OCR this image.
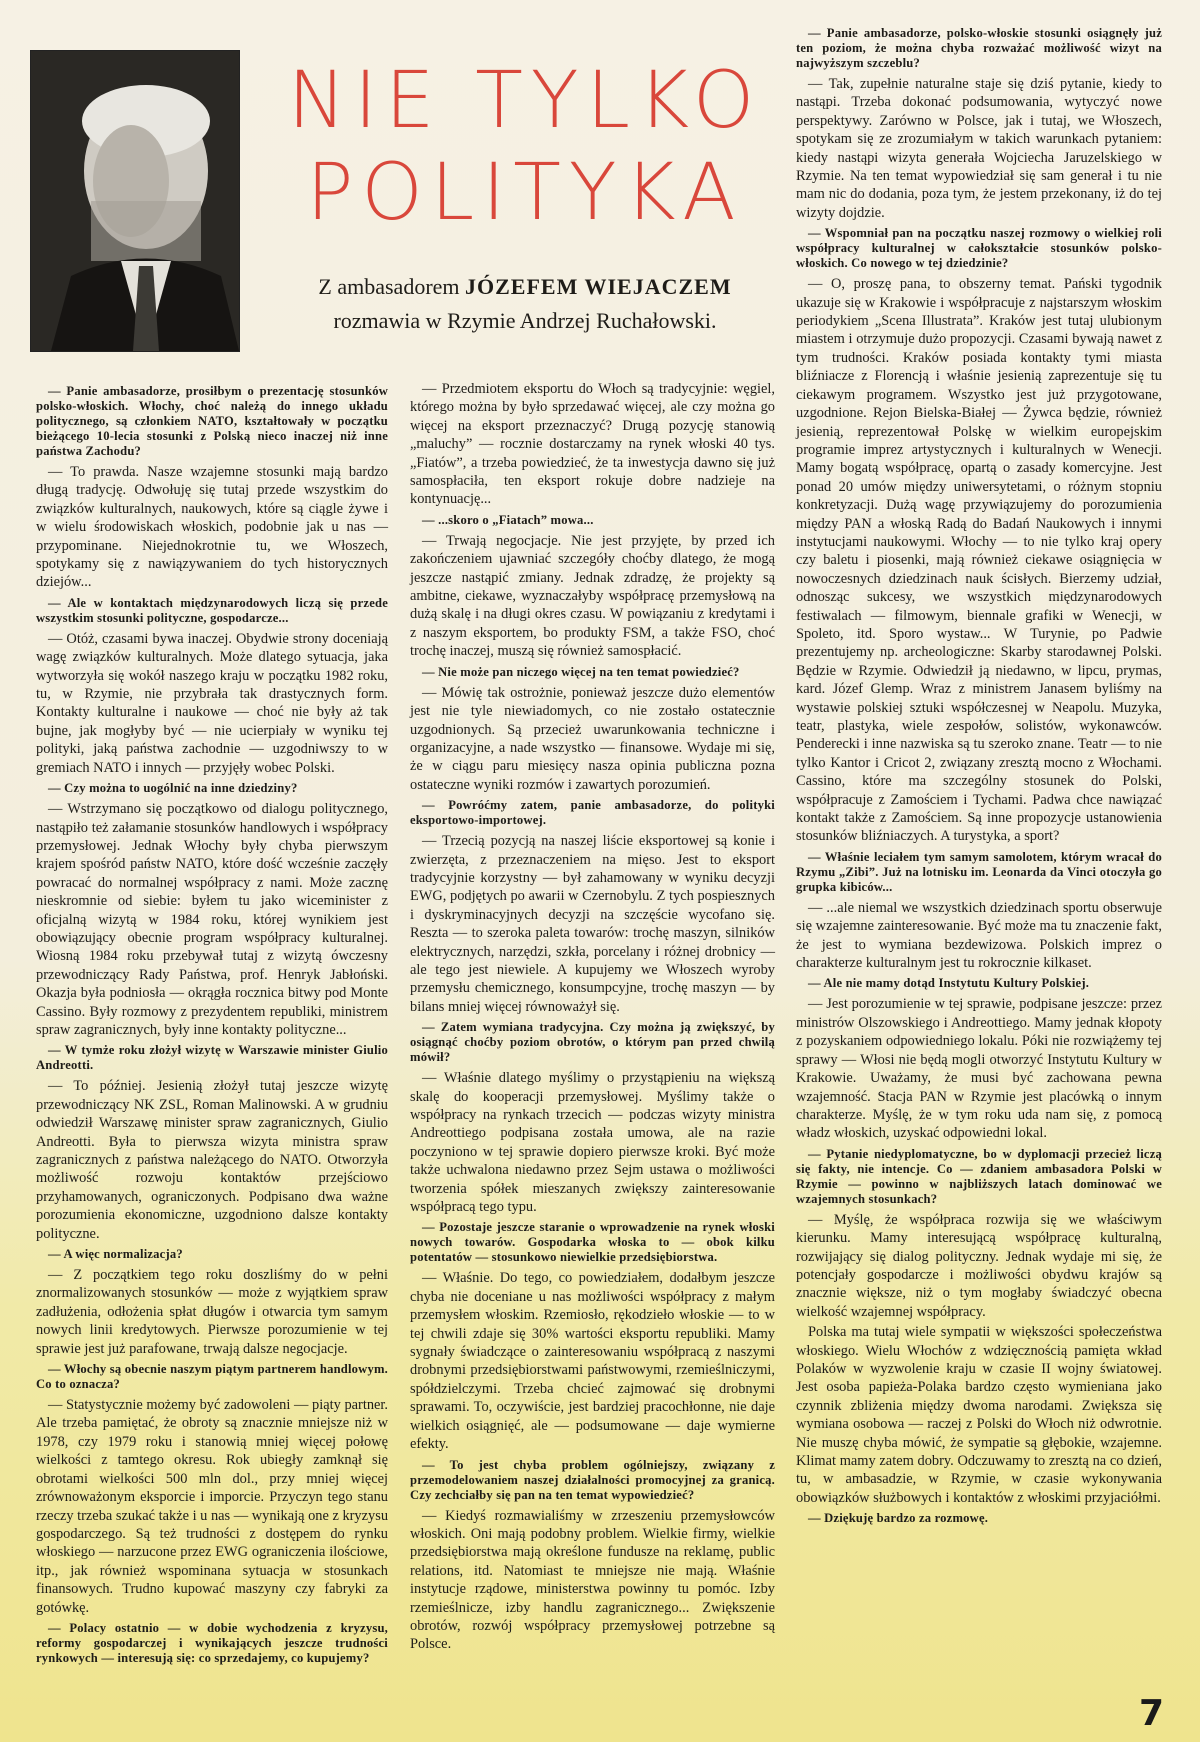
NIE TYLKO
POLITYKA
Z ambasadorem JÓZEFEM WIEJACZEM
rozmawia w Rzymie Andrzej Ruchałowski.

— Panie ambasadorze, prosiłbym o prezentację stosunków polsko-włoskich. Włochy, choć należą do innego układu politycznego, są członkiem NATO, kształtowały w początku bieżącego 10-lecia stosunki z Polską nieco inaczej niż inne państwa Zachodu?

— To prawda. Nasze wzajemne stosunki mają bardzo długą tradycję. Odwołuję się tutaj przede wszystkim do związków kulturalnych, naukowych, które są ciągle żywe i w wielu środowiskach włoskich, podobnie jak u nas — przypominane. Niejednokrotnie tu, we Włoszech, spotykamy się z nawiązywaniem do tych historycznych dziejów...

— Ale w kontaktach międzynarodowych liczą się przede wszystkim stosunki polityczne, gospodarcze...

— Otóż, czasami bywa inaczej. Obydwie strony doceniają wagę związków kulturalnych. Może dlatego sytuacja, jaka wytworzyła się wokół naszego kraju w początku 1982 roku, tu, w Rzymie, nie przybrała tak drastycznych form. Kontakty kulturalne i naukowe — choć nie były aż tak bujne, jak mogłyby być — nie ucierpiały w wyniku tej polityki, jaką państwa zachodnie — uzgodniwszy to w gremiach NATO i innych — przyjęły wobec Polski.

— Czy można to uogólnić na inne dziedziny?

— Wstrzymano się początkowo od dialogu politycznego, nastąpiło też załamanie stosunków handlowych i współpracy przemysłowej. Jednak Włochy były chyba pierwszym krajem spośród państw NATO, które dość wcześnie zaczęły powracać do normalnej współpracy z nami. Może zacznę nieskromnie od siebie: byłem tu jako wiceminister z oficjalną wizytą w 1984 roku, której wynikiem jest obowiązujący obecnie program współpracy kulturalnej. Wiosną 1984 roku przebywał tutaj z wizytą ówczesny przewodniczący Rady Państwa, prof. Henryk Jabłoński. Okazja była podniosła — okrągła rocznica bitwy pod Monte Cassino. Były rozmowy z prezydentem republiki, ministrem spraw zagranicznych, były inne kontakty polityczne...

— W tymże roku złożył wizytę w Warszawie minister Giulio Andreotti.

— To później. Jesienią złożył tutaj jeszcze wizytę przewodniczący NK ZSL, Roman Malinowski. A w grudniu odwiedził Warszawę minister spraw zagranicznych, Giulio Andreotti. Była to pierwsza wizyta ministra spraw zagranicznych z państwa należącego do NATO. Otworzyła możliwość rozwoju kontaktów przejściowo przyhamowanych, ograniczonych. Podpisano dwa ważne porozumienia ekonomiczne, uzgodniono dalsze kontakty polityczne.

— A więc normalizacja?

— Z początkiem tego roku doszliśmy do w pełni znormalizowanych stosunków — może z wyjątkiem spraw zadłużenia, odłożenia spłat długów i otwarcia tym samym nowych linii kredytowych. Pierwsze porozumienie w tej sprawie jest już parafowane, trwają dalsze negocjacje.

— Włochy są obecnie naszym piątym partnerem handlowym. Co to oznacza?

— Statystycznie możemy być zadowoleni — piąty partner. Ale trzeba pamiętać, że obroty są znacznie mniejsze niż w 1978, czy 1979 roku i stanowią mniej więcej połowę wielkości z tamtego okresu. Rok ubiegły zamknął się obrotami wielkości 500 mln dol., przy mniej więcej zrównoważonym eksporcie i imporcie. Przyczyn tego stanu rzeczy trzeba szukać także i u nas — wynikają one z kryzysu gospodarczego. Są też trudności z dostępem do rynku włoskiego — narzucone przez EWG ograniczenia ilościowe, itp., jak również wspominana sytuacja w stosunkach finansowych. Trudno kupować maszyny czy fabryki za gotówkę.

— Polacy ostatnio — w dobie wychodzenia z kryzysu, reformy gospodarczej i wynikających jeszcze trudności rynkowych — interesują się: co sprzedajemy, co kupujemy?

— Przedmiotem eksportu do Włoch są tradycyjnie: węgiel, którego można by było sprzedawać więcej, ale czy można go więcej na eksport przeznaczyć? Drugą pozycję stanowią „maluchy” — rocznie dostarczamy na rynek włoski 40 tys. „Fiatów”, a trzeba powiedzieć, że ta inwestycja dawno się już samospłaciła, ten eksport rokuje dobre nadzieje na kontynuację...

— ...skoro o „Fiatach” mowa...

— Trwają negocjacje. Nie jest przyjęte, by przed ich zakończeniem ujawniać szczegóły choćby dlatego, że mogą jeszcze nastąpić zmiany. Jednak zdradzę, że projekty są ambitne, ciekawe, wyznaczałyby współpracę przemysłową na dużą skalę i na długi okres czasu. W powiązaniu z kredytami i z naszym eksportem, bo produkty FSM, a także FSO, choć trochę inaczej, muszą się również samospłacić.

— Nie może pan niczego więcej na ten temat powiedzieć?

— Mówię tak ostrożnie, ponieważ jeszcze dużo elementów jest nie tyle niewiadomych, co nie zostało ostatecznie uzgodnionych. Są przecież uwarunkowania techniczne i organizacyjne, a nade wszystko — finansowe. Wydaje mi się, że w ciągu paru miesięcy nasza opinia publiczna pozna ostateczne wyniki rozmów i zawartych porozumień.

— Powróćmy zatem, panie ambasadorze, do polityki eksportowo-importowej.

— Trzecią pozycją na naszej liście eksportowej są konie i zwierzęta, z przeznaczeniem na mięso. Jest to eksport tradycyjnie korzystny — był zahamowany w wyniku decyzji EWG, podjętych po awarii w Czernobylu. Z tych pospiesznych i dyskryminacyjnych decyzji na szczęście wycofano się. Reszta — to szeroka paleta towarów: trochę maszyn, silników elektrycznych, narzędzi, szkła, porcelany i różnej drobnicy — ale tego jest niewiele. A kupujemy we Włoszech wyroby przemysłu chemicznego, konsumpcyjne, trochę maszyn — by bilans mniej więcej równoważył się.

— Zatem wymiana tradycyjna. Czy można ją zwiększyć, by osiągnąć choćby poziom obrotów, o którym pan przed chwilą mówił?

— Właśnie dlatego myślimy o przystąpieniu na większą skalę do kooperacji przemysłowej. Myślimy także o współpracy na rynkach trzecich — podczas wizyty ministra Andreottiego podpisana została umowa, ale na razie poczyniono w tej sprawie dopiero pierwsze kroki. Być może także uchwalona niedawno przez Sejm ustawa o możliwości tworzenia spółek mieszanych zwiększy zainteresowanie współpracą tego typu.

— Pozostaje jeszcze staranie o wprowadzenie na rynek włoski nowych towarów. Gospodarka włoska to — obok kilku potentatów — stosunkowo niewielkie przedsiębiorstwa.

— Właśnie. Do tego, co powiedziałem, dodałbym jeszcze chyba nie doceniane u nas możliwości współpracy z małym przemysłem włoskim. Rzemiosło, rękodzieło włoskie — to w tej chwili zdaje się 30% wartości eksportu republiki. Mamy sygnały świadczące o zainteresowaniu współpracą z naszymi drobnymi przedsiębiorstwami państwowymi, rzemieślniczymi, spółdzielczymi. Trzeba chcieć zajmować się drobnymi sprawami. To, oczywiście, jest bardziej pracochłonne, nie daje wielkich osiągnięć, ale — podsumowane — daje wymierne efekty.

— To jest chyba problem ogólniejszy, związany z przemodelowaniem naszej działalności promocyjnej za granicą. Czy zechciałby się pan na ten temat wypowiedzieć?

— Kiedyś rozmawialiśmy w zrzeszeniu przemysłowców włoskich. Oni mają podobny problem. Wielkie firmy, wielkie przedsiębiorstwa mają określone fundusze na reklamę, public relations, itd. Natomiast te mniejsze nie mają. Właśnie instytucje rządowe, ministerstwa powinny tu pomóc. Izby rzemieślnicze, izby handlu zagranicznego... Zwiększenie obrotów, rozwój współpracy przemysłowej potrzebne są Polsce.

— Panie ambasadorze, polsko-włoskie stosunki osiągnęły już ten poziom, że można chyba rozważać możliwość wizyt na najwyższym szczeblu?

— Tak, zupełnie naturalne staje się dziś pytanie, kiedy to nastąpi. Trzeba dokonać podsumowania, wytyczyć nowe perspektywy. Zarówno w Polsce, jak i tutaj, we Włoszech, spotykam się ze zrozumiałym w takich warunkach pytaniem: kiedy nastąpi wizyta generała Wojciecha Jaruzelskiego w Rzymie. Na ten temat wypowiedział się sam generał i tu nie mam nic do dodania, poza tym, że jestem przekonany, iż do tej wizyty dojdzie.

— Wspomniał pan na początku naszej rozmowy o wielkiej roli współpracy kulturalnej w całokształcie stosunków polsko-włoskich. Co nowego w tej dziedzinie?

— O, proszę pana, to obszerny temat. Pański tygodnik ukazuje się w Krakowie i współpracuje z najstarszym włoskim periodykiem „Scena Illustrata”. Kraków jest tutaj ulubionym miastem i otrzymuje dużo propozycji. Czasami bywają nawet z tym trudności. Kraków posiada kontakty tymi miasta bliźniacze z Florencją i właśnie jesienią zaprezentuje się tu ciekawym programem. Wszystko jest już przygotowane, uzgodnione. Rejon Bielska-Białej — Żywca będzie, również jesienią, reprezentował Polskę w wielkim europejskim programie imprez artystycznych i kulturalnych w Wenecji. Mamy bogatą współpracę, opartą o zasady komercyjne. Jest ponad 20 umów między uniwersytetami, o różnym stopniu konkretyzacji. Dużą wagę przywiązujemy do porozumienia między PAN a włoską Radą do Badań Naukowych i innymi instytucjami naukowymi. Włochy — to nie tylko kraj opery czy baletu i piosenki, mają również ciekawe osiągnięcia w nowoczesnych dziedzinach nauk ścisłych. Bierzemy udział, odnosząc sukcesy, we wszystkich międzynarodowych festiwalach — filmowym, biennale grafiki w Wenecji, w Spoleto, itd. Sporo wystaw... W Turynie, po Padwie prezentujemy np. archeologiczne: Skarby starodawnej Polski. Będzie w Rzymie. Odwiedził ją niedawno, w lipcu, prymas, kard. Józef Glemp. Wraz z ministrem Janasem byliśmy na wystawie polskiej sztuki współczesnej w Neapolu. Muzyka, teatr, plastyka, wiele zespołów, solistów, wykonawców. Penderecki i inne nazwiska są tu szeroko znane. Teatr — to nie tylko Kantor i Cricot 2, związany zresztą mocno z Włochami. Cassino, które ma szczególny stosunek do Polski, współpracuje z Zamościem i Tychami. Padwa chce nawiązać kontakt także z Zamościem. Są inne propozycje ustanowienia stosunków bliźniaczych. A turystyka, a sport?

— Właśnie leciałem tym samym samolotem, którym wracał do Rzymu „Zibi”. Już na lotnisku im. Leonarda da Vinci otoczyła go grupka kibiców...

— ...ale niemal we wszystkich dziedzinach sportu obserwuje się wzajemne zainteresowanie. Być może ma tu znaczenie fakt, że jest to wymiana bezdewizowa. Polskich imprez o charakterze kulturalnym jest tu rokrocznie kilkaset.

— Ale nie mamy dotąd Instytutu Kultury Polskiej.

— Jest porozumienie w tej sprawie, podpisane jeszcze: przez ministrów Olszowskiego i Andreottiego. Mamy jednak kłopoty z pozyskaniem odpowiedniego lokalu. Póki nie rozwiążemy tej sprawy — Włosi nie będą mogli otworzyć Instytutu Kultury w Krakowie. Uważamy, że musi być zachowana pewna wzajemność. Stacja PAN w Rzymie jest placówką o innym charakterze. Myślę, że w tym roku uda nam się, z pomocą władz włoskich, uzyskać odpowiedni lokal.

— Pytanie niedyplomatyczne, bo w dyplomacji przecież liczą się fakty, nie intencje. Co — zdaniem ambasadora Polski w Rzymie — powinno w najbliższych latach dominować we wzajemnych stosunkach?

— Myślę, że współpraca rozwija się we właściwym kierunku. Mamy interesującą współpracę kulturalną, rozwijający się dialog polityczny. Jednak wydaje mi się, że potencjały gospodarcze i możliwości obydwu krajów są znacznie większe, niż o tym mogłaby świadczyć obecna wielkość wzajemnej współpracy.

Polska ma tutaj wiele sympatii w większości społeczeństwa włoskiego. Wielu Włochów z wdzięcznością pamięta wkład Polaków w wyzwolenie kraju w czasie II wojny światowej. Jest osoba papieża-Polaka bardzo często wymieniana jako czynnik zbliżenia między dwoma narodami. Zwiększa się wymiana osobowa — raczej z Polski do Włoch niż odwrotnie. Nie muszę chyba mówić, że sympatie są głębokie, wzajemne. Klimat mamy zatem dobry. Odczuwamy to zresztą na co dzień, tu, w ambasadzie, w Rzymie, w czasie wykonywania obowiązków służbowych i kontaktów z włoskimi przyjaciółmi.

— Dziękuję bardzo za rozmowę.

7
